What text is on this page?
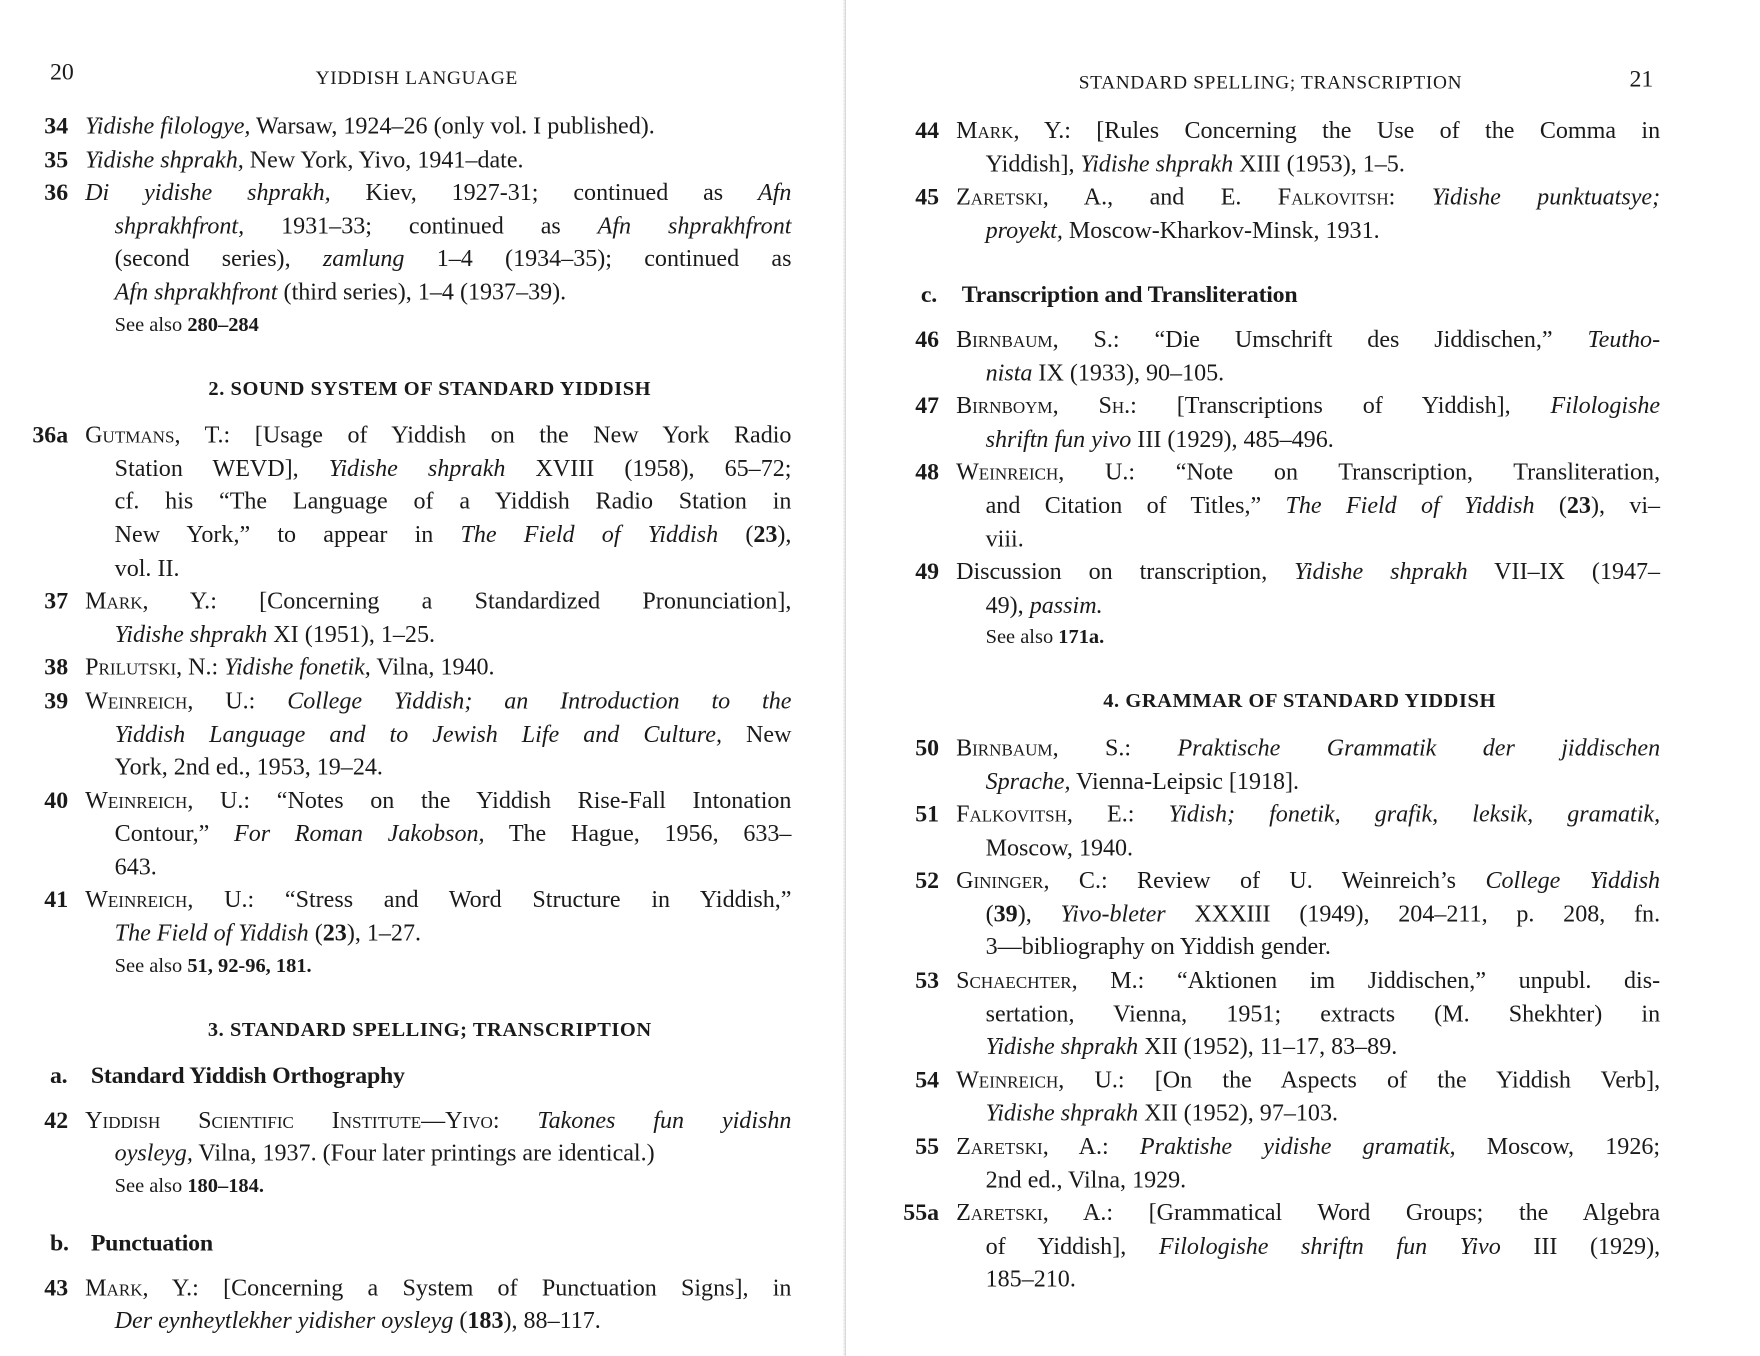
20	YIDDISH LANGUAGE
34 Yidishe filologye, Warsaw, 1924–26 (only vol. I published).
35 Yidishe shprakh, New York, Yivo, 1941–date.
36 Di yidishe shprakh, Kiev, 1927-31; continued as Afn
shprakhfront, 1931–33; continued as Afn shprakhfront
(second series), zamlung 1–4 (1934–35); continued as
Afn shprakhfront (third series), 1–4 (1937–39).
See also 280–284
2. SOUND SYSTEM OF STANDARD YIDDISH
36a Gutmans, T.: [Usage of Yiddish on the New York Radio
Station WEVD], Yidishe shprakh XVIII (1958), 65–72;
cf. his “The Language of a Yiddish Radio Station in
New York,” to appear in The Field of Yiddish (23),
vol. II.
37 Mark, Y.: [Concerning a Standardized Pronunciation],
Yidishe shprakh XI (1951), 1–25.
38 Prilutski, N.: Yidishe fonetik, Vilna, 1940.
39 Weinreich, U.: College Yiddish; an Introduction to the
Yiddish Language and to Jewish Life and Culture, New
York, 2nd ed., 1953, 19–24.
40 Weinreich, U.: “Notes on the Yiddish Rise-Fall Intonation
Contour,” For Roman Jakobson, The Hague, 1956, 633–
643.
41 Weinreich, U.: “Stress and Word Structure in Yiddish,”
The Field of Yiddish (23), 1–27.
See also 51, 92-96, 181.
3. STANDARD SPELLING; TRANSCRIPTION
a. Standard Yiddish Orthography
42 Yiddish Scientific Institute—Yivo: Takones fun yidishn
oysleyg, Vilna, 1937. (Four later printings are identical.)
See also 180–184.
b. Punctuation
43 Mark, Y.: [Concerning a System of Punctuation Signs], in
Der eynheytlekher yidisher oysleyg (183), 88–117.
STANDARD SPELLING; TRANSCRIPTION	21
44 Mark, Y.: [Rules Concerning the Use of the Comma in
Yiddish], Yidishe shprakh XIII (1953), 1–5.
45 Zaretski, A., and E. Falkovitsh: Yidishe punktuatsye;
proyekt, Moscow-Kharkov-Minsk, 1931.
c. Transcription and Transliteration
46 Birnbaum, S.: “Die Umschrift des Jiddischen,” Teutho-
nista IX (1933), 90–105.
47 Birnboym, Sh.: [Transcriptions of Yiddish], Filologishe
shriftn fun yivo III (1929), 485–496.
48 Weinreich, U.: “Note on Transcription, Transliteration,
and Citation of Titles,” The Field of Yiddish (23), vi–
viii.
49 Discussion on transcription, Yidishe shprakh VII–IX (1947–
49), passim.
See also 171a.
4. GRAMMAR OF STANDARD YIDDISH
50 Birnbaum, S.: Praktische Grammatik der jiddischen
Sprache, Vienna-Leipsic [1918].
51 Falkovitsh, E.: Yidish; fonetik, grafik, leksik, gramatik,
Moscow, 1940.
52 Gininger, C.: Review of U. Weinreich’s College Yiddish
(39), Yivo-bleter XXXIII (1949), 204–211, p. 208, fn.
3—bibliography on Yiddish gender.
53 Schaechter, M.: “Aktionen im Jiddischen,” unpubl. dis-
sertation, Vienna, 1951; extracts (M. Shekhter) in
Yidishe shprakh XII (1952), 11–17, 83–89.
54 Weinreich, U.: [On the Aspects of the Yiddish Verb],
Yidishe shprakh XII (1952), 97–103.
55 Zaretski, A.: Praktishe yidishe gramatik, Moscow, 1926;
2nd ed., Vilna, 1929.
55a Zaretski, A.: [Grammatical Word Groups; the Algebra
of Yiddish], Filologishe shriftn fun Yivo III (1929),
185–210.
